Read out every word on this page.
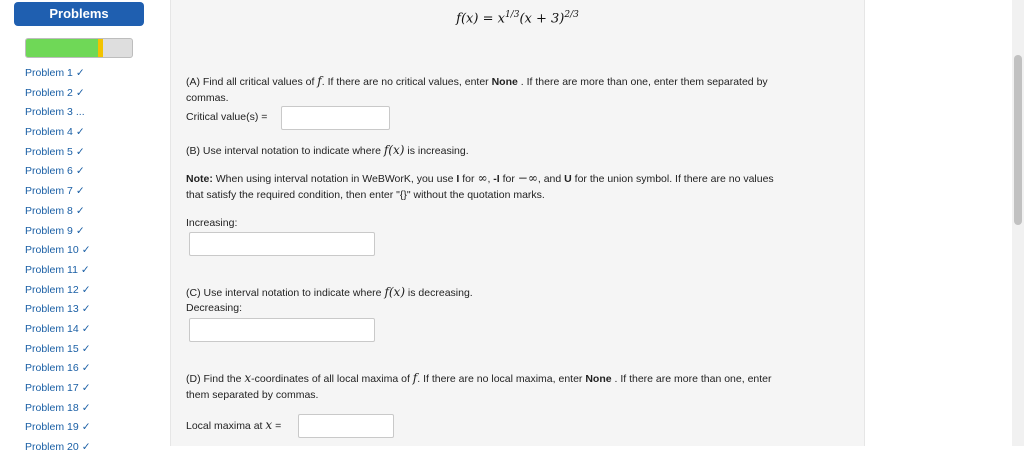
Problems
Problem 1 ✓
Problem 2 ✓
Problem 3 ...
Problem 4 ✓
Problem 5 ✓
Problem 6 ✓
Problem 7 ✓
Problem 8 ✓
Problem 9 ✓
Problem 10 ✓
Problem 11 ✓
Problem 12 ✓
Problem 13 ✓
Problem 14 ✓
Problem 15 ✓
Problem 16 ✓
Problem 17 ✓
Problem 18 ✓
Problem 19 ✓
Problem 20 ✓
$f(x) = x^{1/3}(x + 3)^{2/3}$
(A) Find all critical values of f. If there are no critical values, enter None . If there are more than one, enter them separated by
commas.
Critical value(s) =
(B) Use interval notation to indicate where f(x) is increasing.
Note: When using interval notation in WeBWorK, you use I for ∞, -I for −∞, and U for the union symbol. If there are no values
that satisfy the required condition, then enter "{}" without the quotation marks.
Increasing:
(C) Use interval notation to indicate where f(x) is decreasing.
Decreasing:
(D) Find the x-coordinates of all local maxima of f. If there are no local maxima, enter None . If there are more than one, enter
them separated by commas.
Local maxima at x =
